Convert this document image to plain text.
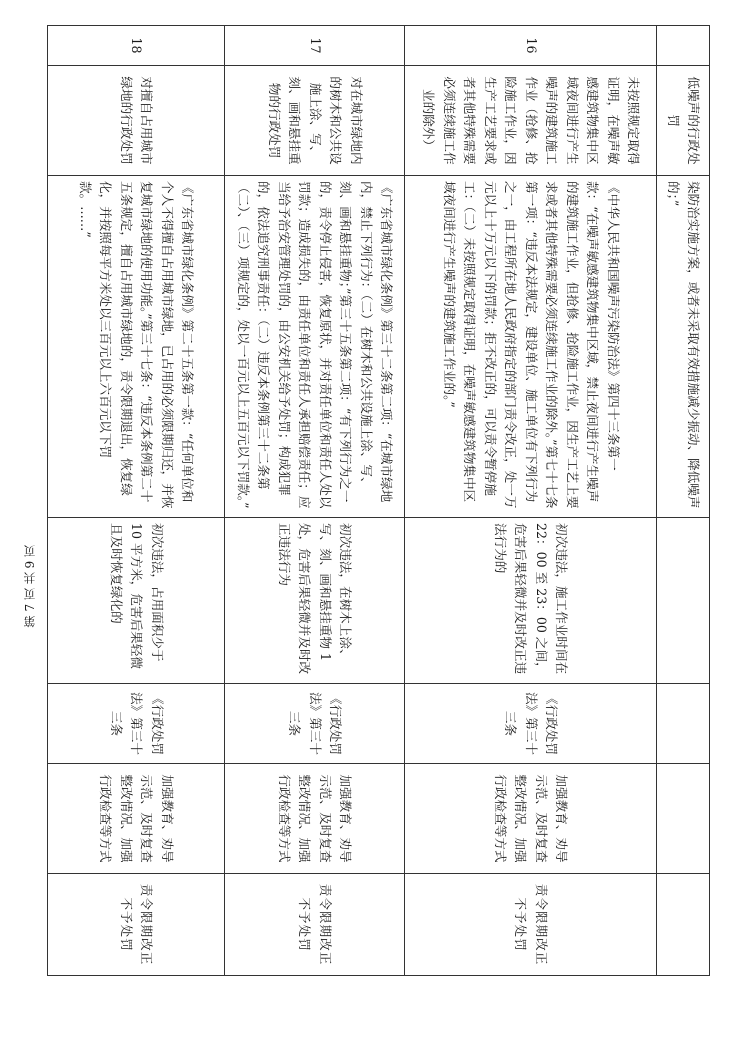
	低噪声的行政处罚	染防治实施方案，或者未采取有效措施减少振动、降低噪声的；”				
16	未按照规定取得证明，在噪声敏感建筑物集中区域夜间进行产生噪声的建筑施工作业（抢修、抢险施工作业，因生产工艺要求或者其他特殊需要必须连续施工作业的除外）	《中华人民共和国噪声污染防治法》第四十三条第一款：“在噪声敏感建筑物集中区域，禁止夜间进行产生噪声的建筑施工作业，但抢修、抢险施工作业，因生产工艺上要求或者其他特殊需要必须连续施工作业的除外。”第七十七条第一项：“违反本法规定，建设单位、施工单位有下列行为之一，由工程所在地人民政府指定的部门责令改正，处一万元以上十万元以下的罚款；拒不改正的，可以责令暂停施工：（二）未按照规定取得证明，在噪声敏感建筑物集中区域夜间进行产生噪声的建筑施工作业的。”	初次违法，施工作业时间在 22：00 至 23：00 之间，危害后果轻微并及时改正违法行为的	《行政处罚法》第三十三条	加强教育、劝导示范、及时复查整改情况、加强行政检查等方式	责令限期改正不予处罚
17	对在城市绿地内的树木和公共设施上涂、写、刻、画和悬挂重物的行政处罚	《广东省城市绿化条例》第三十二条第二项：“在城市绿地内，禁止下列行为：（二）在树木和公共设施上涂、写、刻、画和悬挂重物；”第三十五条第二项：“有下列行为之一的，责令停止侵害，恢复原状，并对责任单位和责任人处以罚款；造成损失的，由责任单位和责任人承担赔偿责任；应当给予治安管理处罚的，由公安机关给予处罚；构成犯罪的，依法追究刑事责任：（二）违反本条例第三十二条第（二）、（三）项规定的，处以一百元以上五百元以下罚款。”	初次违法，在树木上涂、写、刻、画和悬挂重物 1 处，危害后果轻微并及时改正违法行为	《行政处罚法》第三十三条	加强教育、劝导示范、及时复查整改情况、加强行政检查等方式	责令限期改正不予处罚
18	对擅自占用城市绿地的行政处罚	《广东省城市绿化条例》第二十五条第一款：“任何单位和个人不得擅自占用城市绿地，已占用的必须限期归还，并恢复城市绿地的使用功能。”第三十七条：“违反本条例第二十五条规定，擅自占用城市绿地的，责令限期退出，恢复绿化，并按照每平方米处以三百元以上六百元以下罚款。……”	初次违法，占用面积少于 10 平方米，危害后果轻微且及时恢复绿化的	《行政处罚法》第三十三条	加强教育、劝导示范、及时复查整改情况、加强行政检查等方式	责令限期改正不予处罚
第 7 页 共 9 页
